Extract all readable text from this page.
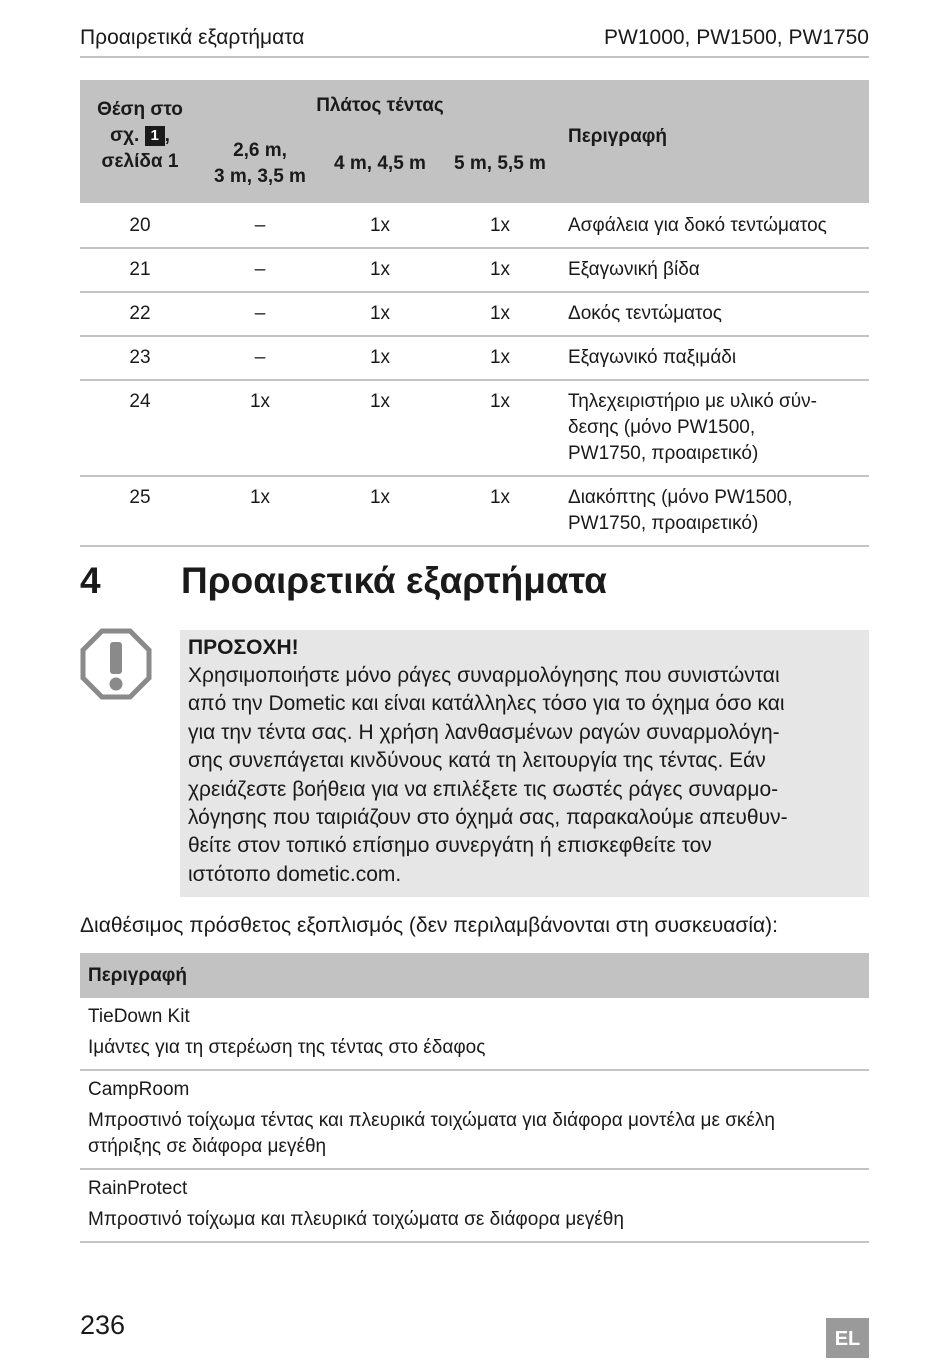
Προαιρετικά εξαρτήματα	PW1000, PW1500, PW1750
Θέση στο
σχ. 1 ,
σελίδα 1	Πλάτος τέντας			Περιγραφή

	2,6 m,
3 m, 3,5 m	4 m, 4,5 m	5 m, 5,5 m	
20	–	1x	1x	Ασφάλεια για δοκό τεντώματος
21	–	1x	1x	Εξαγωνική βίδα
22	–	1x	1x	Δοκός τεντώματος
23	–	1x	1x	Εξαγωνικό παξιμάδι
24	1x	1x	1x	Τηλεχειριστήριο με υλικό σύν-
δεσης (μόνο PW1500,
PW1750, προαιρετικό)

25	1x	1x	1x	Διακόπτης (μόνο PW1500,
PW1750, προαιρετικό)
4 Προαιρετικά εξαρτήματα
ΠΡΟΣΟΧΗ!
Χρησιμοποιήστε μόνο ράγες συναρμολόγησης που συνιστώνται
από την Dometic και είναι κατάλληλες τόσο για το όχημα όσο και
για την τέντα σας. Η χρήση λανθασμένων ραγών συναρμολόγη-
σης συνεπάγεται κινδύνους κατά τη λειτουργία της τέντας. Εάν
χρειάζεστε βοήθεια για να επιλέξετε τις σωστές ράγες συναρμο-
λόγησης που ταιριάζουν στο όχημά σας, παρακαλούμε απευθυν-
θείτε στον τοπικό επίσημο συνεργάτη ή επισκεφθείτε τον
ιστότοπο dometic.com.
Διαθέσιμος πρόσθετος εξοπλισμός (δεν περιλαμβάνονται στη συσκευασία):
Περιγραφή
TieDown Kit
Ιμάντες για τη στερέωση της τέντας στο έδαφος
CampRoom
Μπροστινό τοίχωμα τέντας και πλευρικά τοιχώματα για διάφορα μοντέλα με σκέλη
στήριξης σε διάφορα μεγέθη
RainProtect
Μπροστινό τοίχωμα και πλευρικά τοιχώματα σε διάφορα μεγέθη
236	EL
